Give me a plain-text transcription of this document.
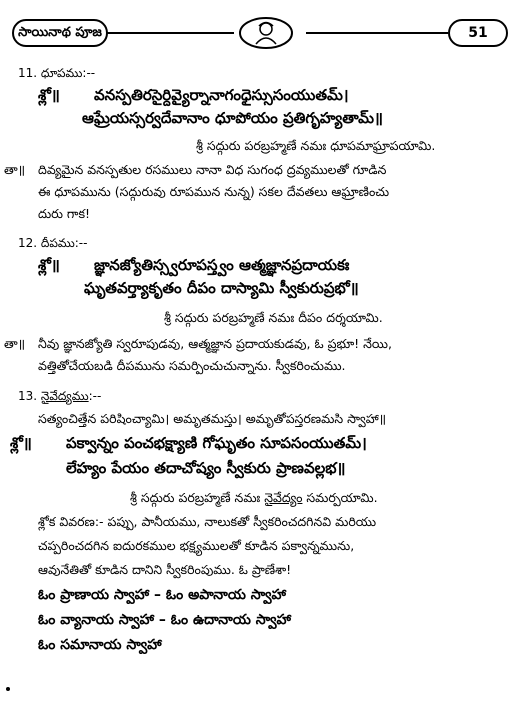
సాయినాథ పూజ	51
11. ధూపము:--
శ్లో॥ వనస్పతిరసైర్దివ్యైర్నానాగంధైస్సుసంయుతమ్।
ఆఘ్రేయస్సర్వదేవానాం ధూపోయం ప్రతిగృహ్యతామ్॥
శ్రీ సద్గురు పరబ్రహ్మణే నమః ధూపమాఘ్రాపయామి.
తా॥ దివ్యమైన వనస్పతుల రసములు నానా విధ సుగంధ ద్రవ్యములతో గూడిన
ఈ ధూపమును (సద్గురువు రూపమున నున్న) సకల దేవతలు ఆఘ్రాణించు
దురు గాక!
12. దీపము:--
శ్లో॥ జ్ఞానజ్యోతిస్స్వరూపస్త్వం ఆత్మజ్ఞానప్రదాయకః
ఘృతవర్త్యాకృతం దీపం దాస్యామి స్వీకురుప్రభో॥
శ్రీ సద్గురు పరబ్రహ్మణే నమః దీపం దర్శయామి.
తా॥ నీవు జ్ఞానజ్యోతి స్వరూపుడవు, ఆత్మజ్ఞాన ప్రదాయకుడవు, ఓ ప్రభూ! నేయి,
వత్తితోచేయబడి దీపమును సమర్పించుచున్నాను. స్వీకరించుము.
13. నైవేద్యము:--
సత్యంచిత్తేన పరిషించ్యామి। అమృతమస్తు। అమృతోపస్తరణమసి స్వాహా॥
శ్లో॥ పక్వాన్నం పంచభక్ష్యాణి గోఘృతం సూపసంయుతమ్।
లేహ్యం పేయం తదాచోష్యం స్వీకురు ప్రాణవల్లభ॥
శ్రీ సద్గురు పరబ్రహ్మణే నమః నైవేద్యం సమర్పయామి.
శ్లోక వివరణ:- పప్పు, పానీయము, నాలుకతో స్వీకరించదగినవి మరియు
చప్పరించదగిన ఐదురకముల భక్ష్యములతో కూడిన పక్వాన్నమును,
ఆవునేతితో కూడిన దానిని స్వీకరింపుము. ఓ ప్రాణేశా!
ఓం ప్రాణాయ స్వాహా – ఓం అపానాయ స్వాహా
ఓం వ్యానాయ స్వాహా – ఓం ఉదానాయ స్వాహా
ఓం సమానాయ స్వాహా
